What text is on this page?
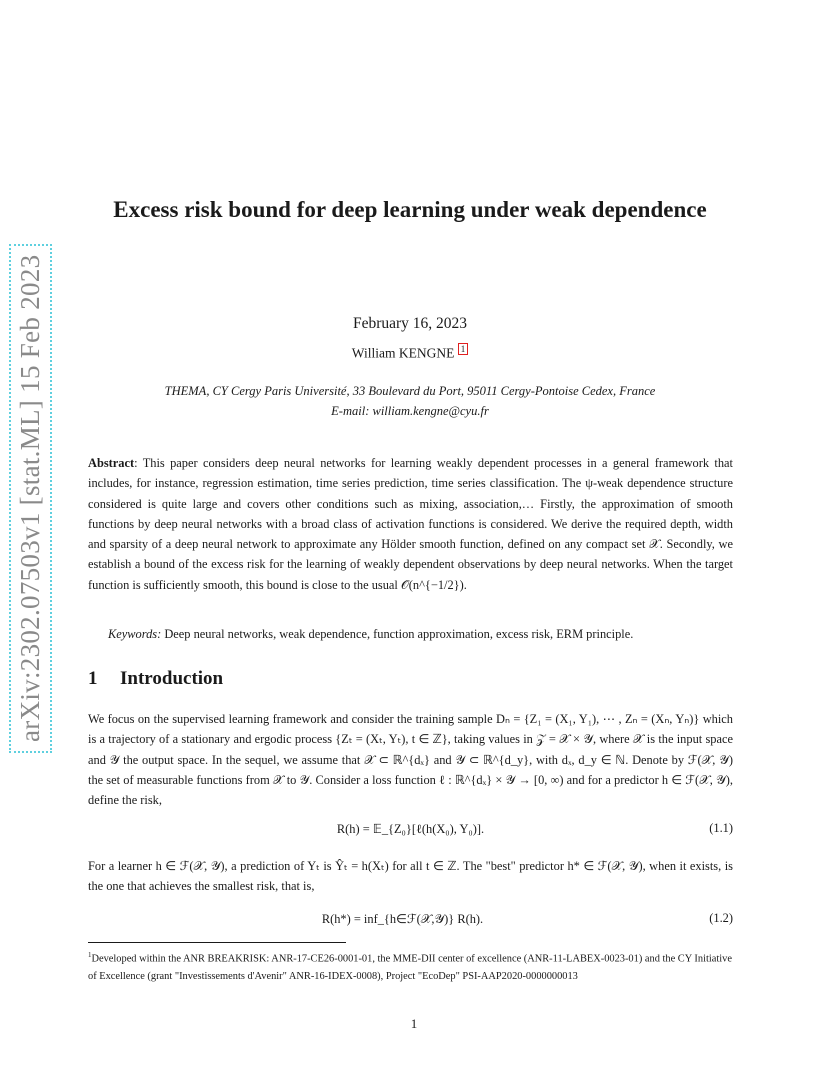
arXiv:2302.07503v1 [stat.ML] 15 Feb 2023
Excess risk bound for deep learning under weak dependence
February 16, 2023
William KENGNE $^1$
THEMA, CY Cergy Paris Université, 33 Boulevard du Port, 95011 Cergy-Pontoise Cedex, France
E-mail: william.kengne@cyu.fr
Abstract: This paper considers deep neural networks for learning weakly dependent processes in a general framework that includes, for instance, regression estimation, time series prediction, time series classification. The ψ-weak dependence structure considered is quite large and covers other conditions such as mixing, association,… Firstly, the approximation of smooth functions by deep neural networks with a broad class of activation functions is considered. We derive the required depth, width and sparsity of a deep neural network to approximate any Hölder smooth function, defined on any compact set 𝒳. Secondly, we establish a bound of the excess risk for the learning of weakly dependent observations by deep neural networks. When the target function is sufficiently smooth, this bound is close to the usual 𝒪(n^{−1/2}).
Keywords: Deep neural networks, weak dependence, function approximation, excess risk, ERM principle.
1 Introduction
We focus on the supervised learning framework and consider the training sample Dₙ = {Z₁ = (X₁, Y₁), ⋯ , Zₙ = (Xₙ, Yₙ)} which is a trajectory of a stationary and ergodic process {Zₜ = (Xₜ, Yₜ), t ∈ ℤ}, taking values in 𝒵 = 𝒳 × 𝒴, where 𝒳 is the input space and 𝒴 the output space. In the sequel, we assume that 𝒳 ⊂ ℝ^{dₓ} and 𝒴 ⊂ ℝ^{d_y}, with dₓ, d_y ∈ ℕ. Denote by ℱ(𝒳, 𝒴) the set of measurable functions from 𝒳 to 𝒴. Consider a loss function ℓ : ℝ^{dₓ} × 𝒴 → [0, ∞) and for a predictor h ∈ ℱ(𝒳, 𝒴), define the risk,
R(h) = 𝔼_{Z₀}[ℓ(h(X₀), Y₀)].	(1.1)
For a learner h ∈ ℱ(𝒳, 𝒴), a prediction of Yₜ is Ŷₜ = h(Xₜ) for all t ∈ ℤ. The "best" predictor h* ∈ ℱ(𝒳, 𝒴), when it exists, is the one that achieves the smallest risk, that is,
R(h*) = inf_{h∈ℱ(𝒳,𝒴)} R(h).	(1.2)
$^1$Developed within the ANR BREAKRISK: ANR-17-CE26-0001-01, the MME-DII center of excellence (ANR-11-LABEX-0023-01) and the CY Initiative of Excellence (grant "Investissements d'Avenir" ANR-16-IDEX-0008), Project "EcoDep" PSI-AAP2020-0000000013
1
